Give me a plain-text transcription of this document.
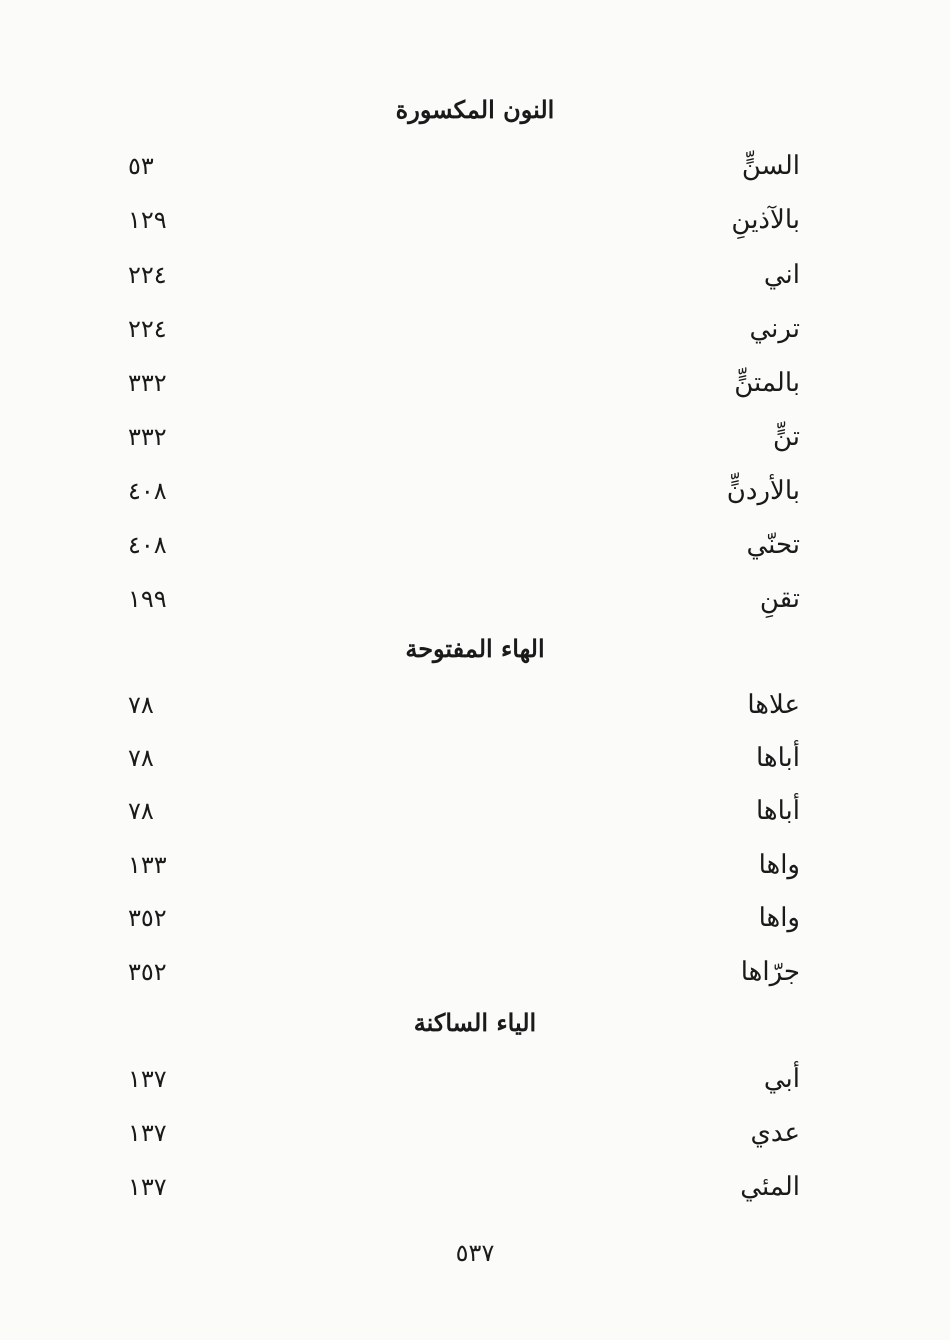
النون المكسورة
السنٍّ
٥٣
بالآذينِ
١٢٩
اني
٢٢٤
ترني
٢٢٤
بالمتنٍّ
٣٣٢
تنٍّ
٣٣٢
بالأردنٍّ
٤٠٨
تحنّي
٤٠٨
تقنِ
١٩٩
الهاء المفتوحة
علاها
٧٨
أباها
٧٨
أباها
٧٨
واها
١٣٣
واها
٣٥٢
جرّاها
٣٥٢
الياء الساكنة
أبي
١٣٧
عدي
١٣٧
المئي
١٣٧
٥٣٧
